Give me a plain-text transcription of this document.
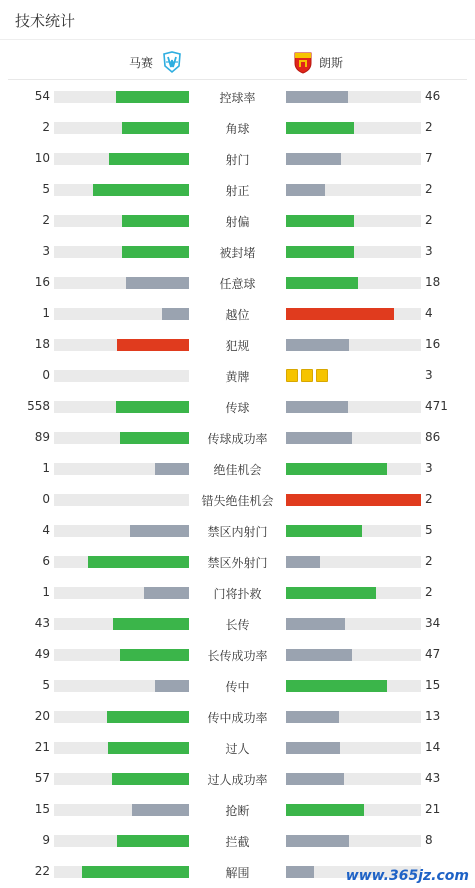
技术统计
马赛	朗斯
54	控球率	46
2	角球	2
10	射门	7
5	射正	2
2	射偏	2
3	被封堵	3
16	任意球	18
1	越位	4
18	犯规	16
0	黄牌	3
558	传球	471
89	传球成功率	86
1	绝佳机会	3
0	错失绝佳机会	2
4	禁区内射门	5
6	禁区外射门	2
1	门将扑救	2
43	长传	34
49	长传成功率	47
5	传中	15
20	传中成功率	13
21	过人	14
57	过人成功率	43
15	抢断	21
9	拦截	8
22	解围	www.365jz.com
